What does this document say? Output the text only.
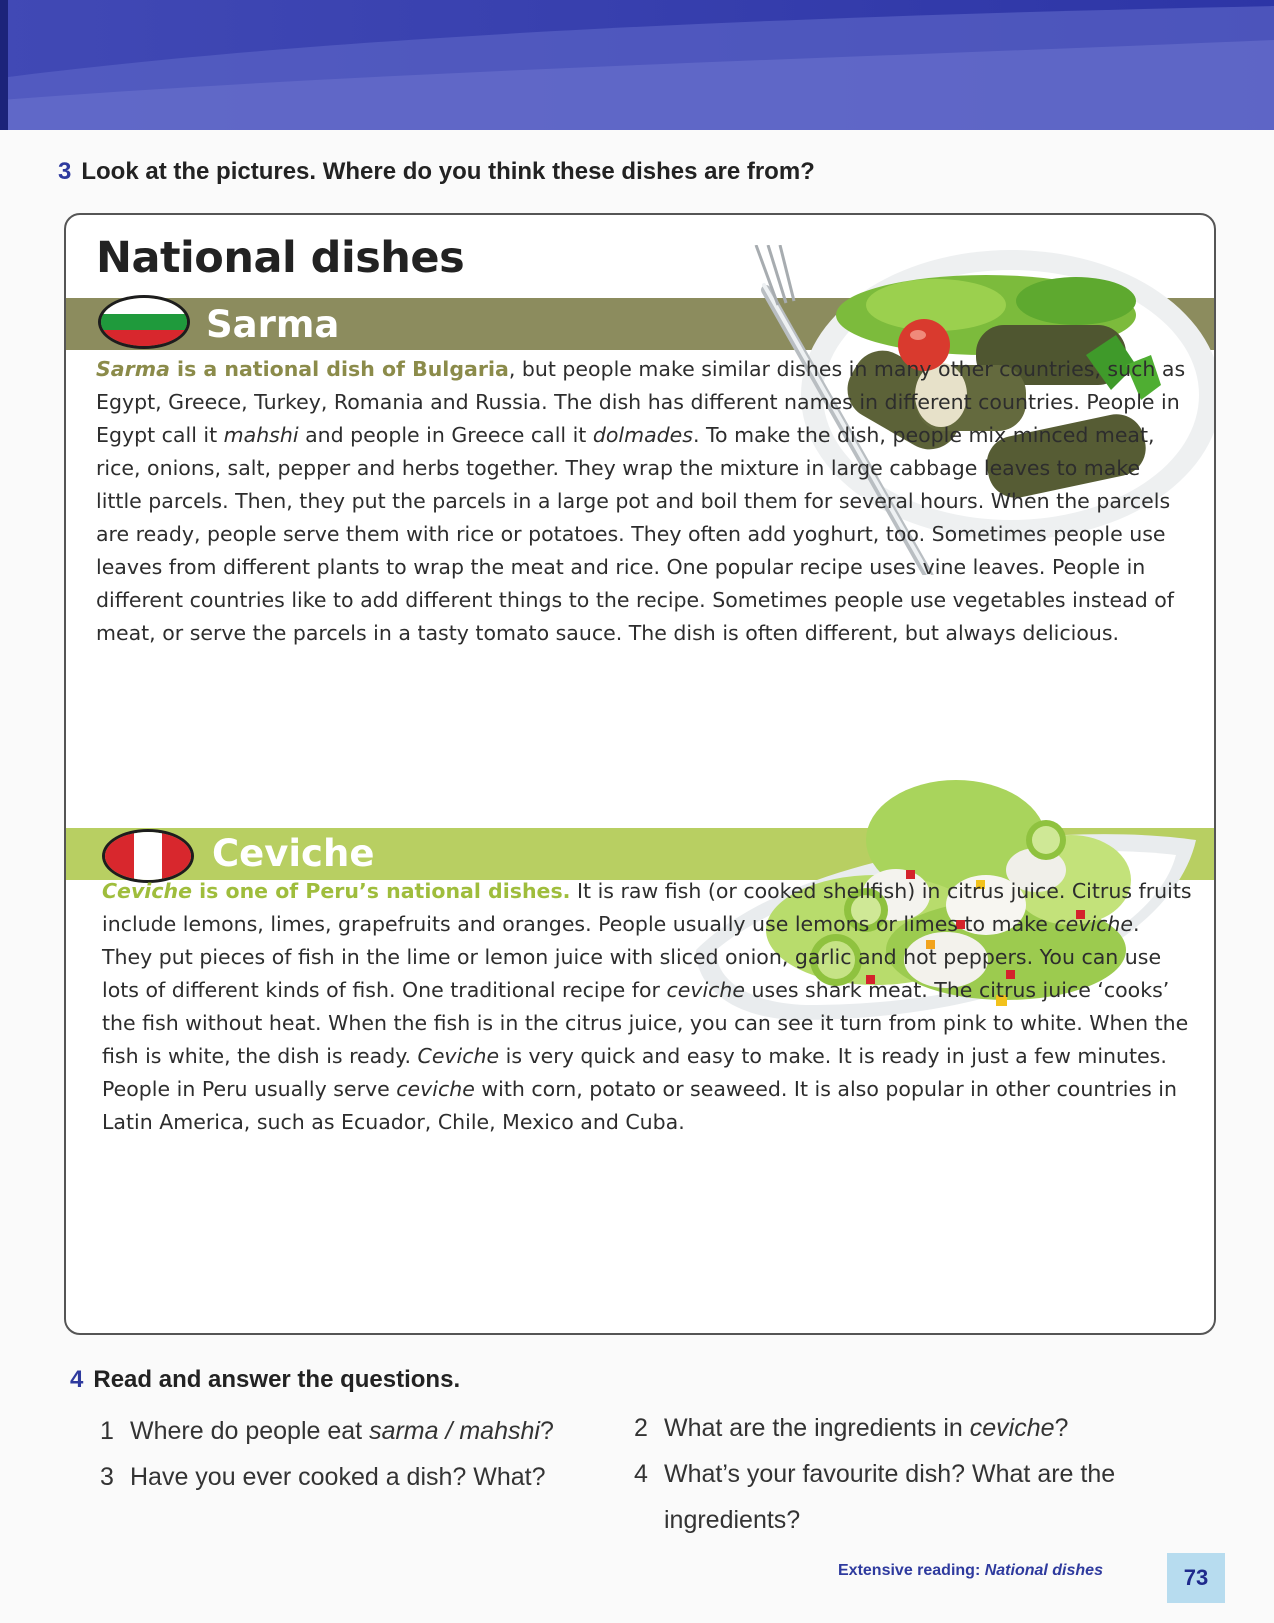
3 Look at the pictures. Where do you think these dishes are from?
National dishes
Sarma

Sarma is a national dish of Bulgaria, but people make similar dishes in many other countries, such as Egypt, Greece, Turkey, Romania and Russia. The dish has different names in different countries. People in Egypt call it mahshi and people in Greece call it dolmades. To make the dish, people mix minced meat, rice, onions, salt, pepper and herbs together. They wrap the mixture in large cabbage leaves to make little parcels. Then, they put the parcels in a large pot and boil them for several hours. When the parcels are ready, people serve them with rice or potatoes. They often add yoghurt, too. Sometimes people use leaves from different plants to wrap the meat and rice. One popular recipe uses vine leaves. People in different countries like to add different things to the recipe. Sometimes people use vegetables instead of meat, or serve the parcels in a tasty tomato sauce. The dish is often different, but always delicious.

Ceviche

Ceviche is one of Peru’s national dishes. It is raw fish (or cooked shellfish) in citrus juice. Citrus fruits include lemons, limes, grapefruits and oranges. People usually use lemons or limes to make ceviche. They put pieces of fish in the lime or lemon juice with sliced onion, garlic and hot peppers. You can use lots of different kinds of fish. One traditional recipe for ceviche uses shark meat. The citrus juice ‘cooks’ the fish without heat. When the fish is in the citrus juice, you can see it turn from pink to white. When the fish is white, the dish is ready. Ceviche is very quick and easy to make. It is ready in just a few minutes. People in Peru usually serve ceviche with corn, potato or seaweed. It is also popular in other countries in Latin America, such as Ecuador, Chile, Mexico and Cuba.

4 Read and answer the questions.
1 Where do people eat sarma / mahshi?	2 What are the ingredients in ceviche?
3 Have you ever cooked a dish? What?	4 What’s your favourite dish? What are the
ingredients?
Extensive reading: National dishes	73
